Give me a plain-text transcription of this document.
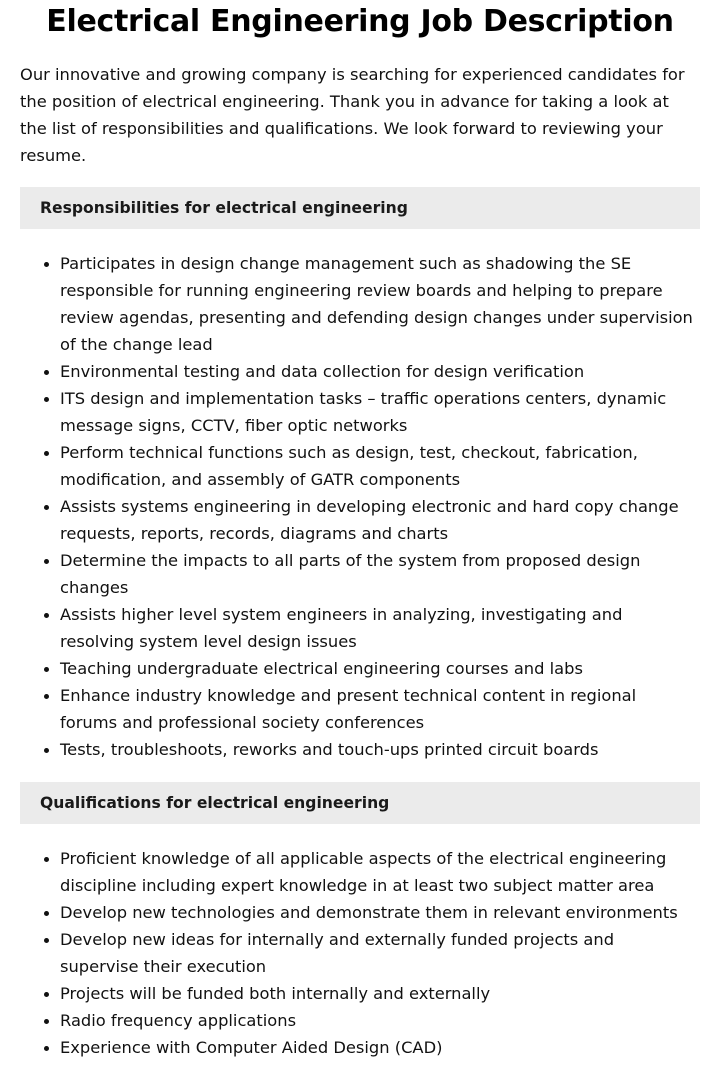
Electrical Engineering Job Description

Our innovative and growing company is searching for experienced candidates for the position of electrical engineering. Thank you in advance for taking a look at the list of responsibilities and qualifications. We look forward to reviewing your resume.

Responsibilities for electrical engineering
Participates in design change management such as shadowing the SE responsible for running engineering review boards and helping to prepare review agendas, presenting and defending design changes under supervision of the change lead
Environmental testing and data collection for design verification
ITS design and implementation tasks – traffic operations centers, dynamic message signs, CCTV, fiber optic networks
Perform technical functions such as design, test, checkout, fabrication, modification, and assembly of GATR components
Assists systems engineering in developing electronic and hard copy change requests, reports, records, diagrams and charts
Determine the impacts to all parts of the system from proposed design changes
Assists higher level system engineers in analyzing, investigating and resolving system level design issues
Teaching undergraduate electrical engineering courses and labs
Enhance industry knowledge and present technical content in regional forums and professional society conferences
Tests, troubleshoots, reworks and touch-ups printed circuit boards
Qualifications for electrical engineering
Proficient knowledge of all applicable aspects of the electrical engineering discipline including expert knowledge in at least two subject matter area
Develop new technologies and demonstrate them in relevant environments
Develop new ideas for internally and externally funded projects and supervise their execution
Projects will be funded both internally and externally
Radio frequency applications
Experience with Computer Aided Design (CAD)
